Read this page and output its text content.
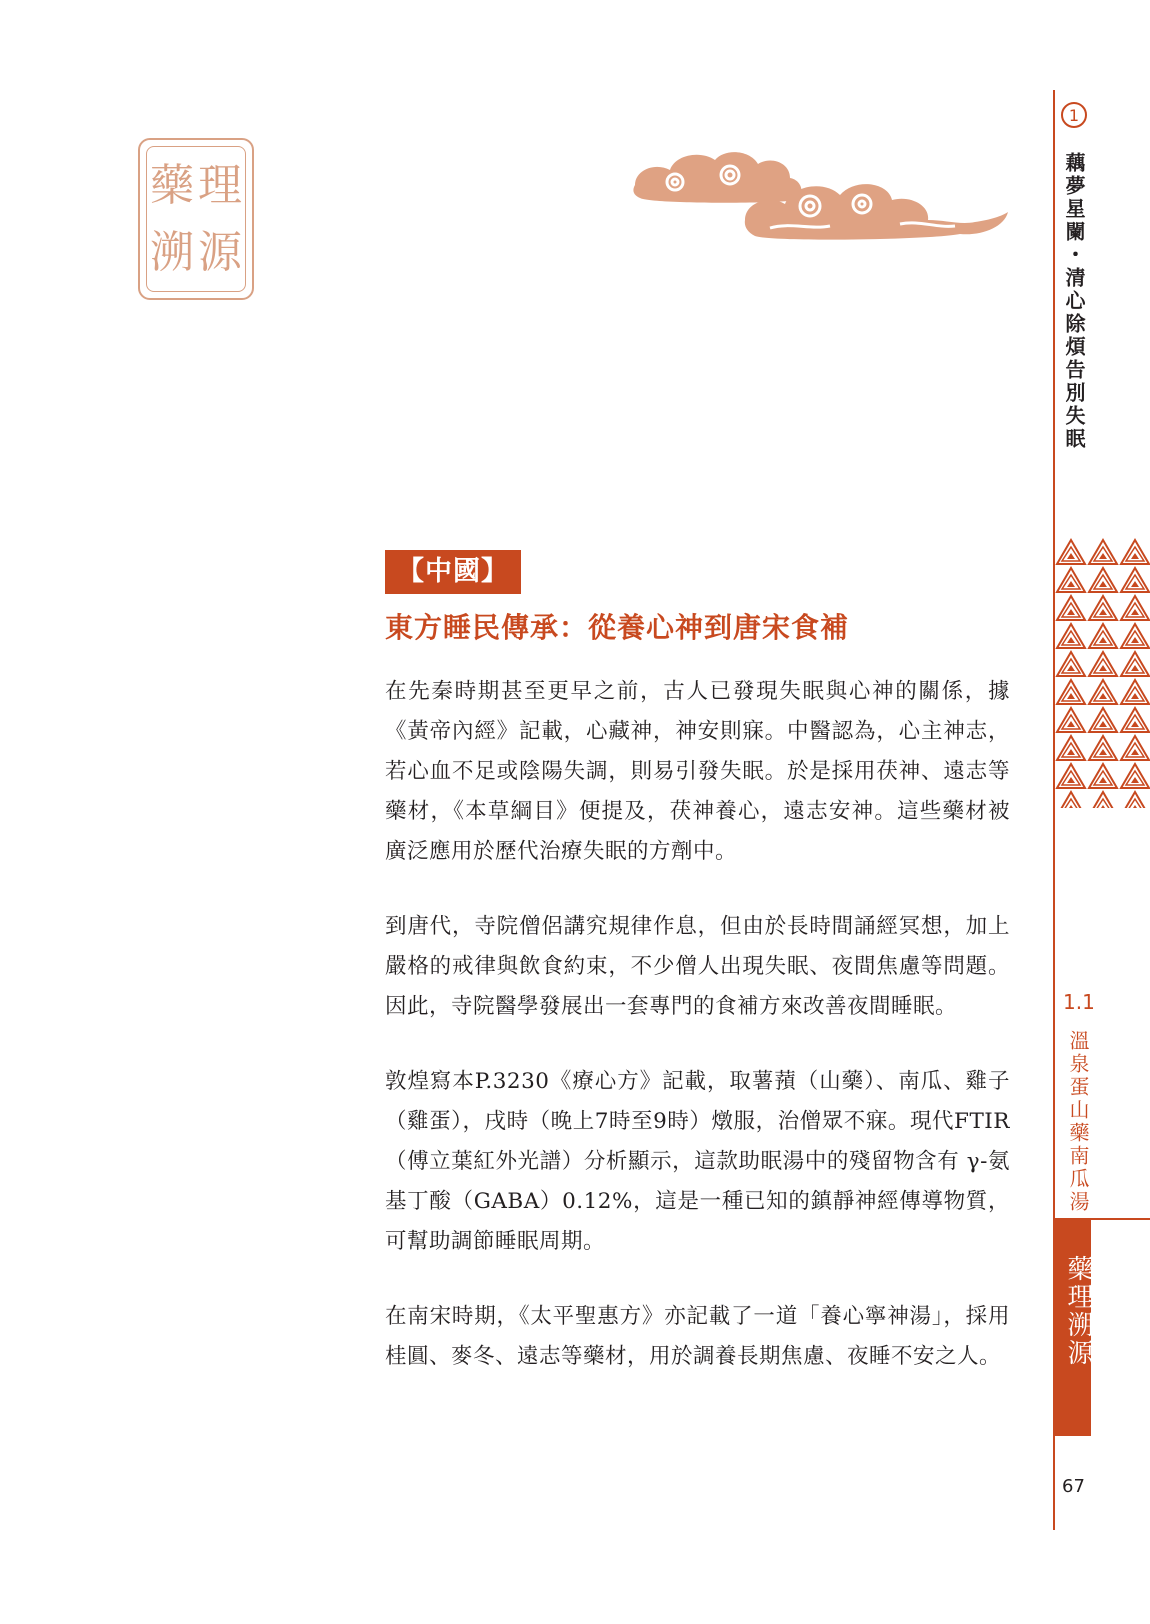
藥
溯
理
源
【中國】
東方睡民傳承：從養心神到唐宋食補

在先秦時期甚至更早之前，古人已發現失眠與心神的關係，據《黃帝內經》記載，心藏神，神安則寐。中醫認為，心主神志，若心血不足或陰陽失調，則易引發失眠。於是採用茯神、遠志等藥材，《本草綱目》便提及，茯神養心，遠志安神。這些藥材被廣泛應用於歷代治療失眠的方劑中。

到唐代，寺院僧侶講究規律作息，但由於長時間誦經冥想，加上嚴格的戒律與飲食約束，不少僧人出現失眠、夜間焦慮等問題。因此，寺院醫學發展出一套專門的食補方來改善夜間睡眠。

敦煌寫本P.3230《療心方》記載，取薯蕷（山藥）、南瓜、雞子（雞蛋），戌時（晚上7時至9時）燉服，治僧眾不寐。現代FTIR（傅立葉紅外光譜）分析顯示，這款助眠湯中的殘留物含有 γ-氨基丁酸（GABA）0.12%，這是一種已知的鎮靜神經傳導物質，可幫助調節睡眠周期。

在南宋時期，《太平聖惠方》亦記載了一道「養心寧神湯」，採用桂圓、麥冬、遠志等藥材，用於調養長期焦慮、夜睡不安之人。

1
藕夢星闌・清心除煩告別失眠
1.1
溫泉蛋山藥南瓜湯
藥理溯源
67
